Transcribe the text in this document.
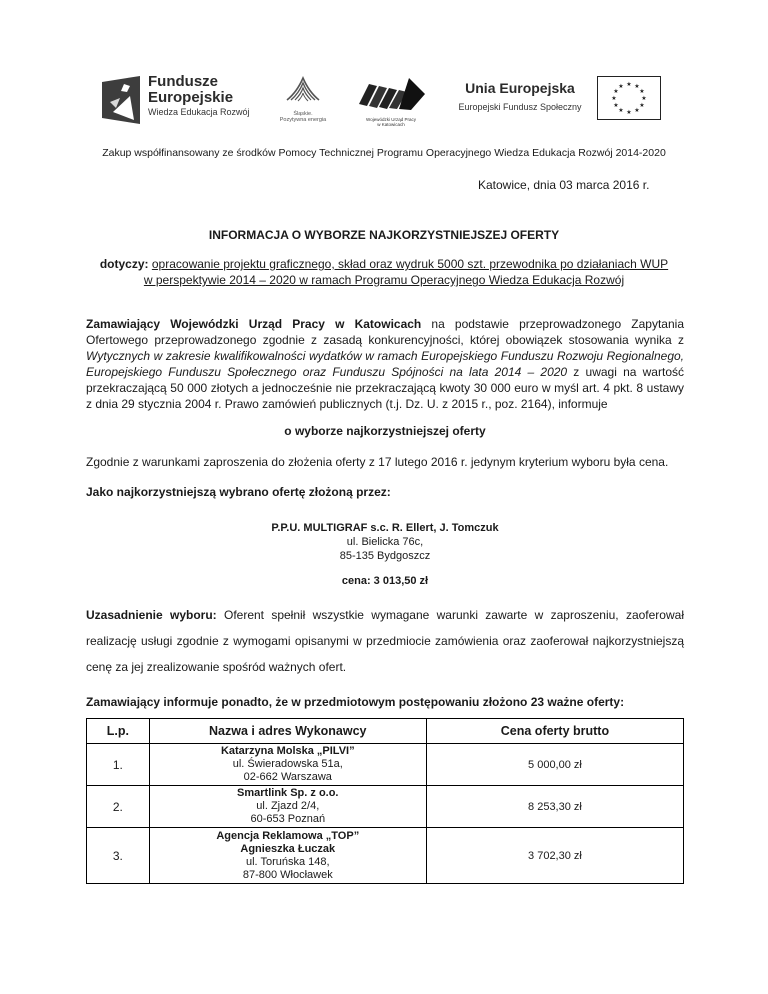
Fundusze
Europejskie
Wiedza Edukacja Rozwój	Śląskie.
Pozytywna energia	Wojewódzki Urząd Pracy
w Katowicach
Unia Europejska
Europejski Fundusz Społeczny
★ ★
★
★
★
★
★
★
★
★
★
★

Zakup współfinansowany ze środków Pomocy Technicznej Programu Operacyjnego Wiedza Edukacja Rozwój 2014-2020

Katowice, dnia 03 marca 2016 r.

INFORMACJA O WYBORZE NAJKORZYSTNIEJSZEJ OFERTY

dotyczy: opracowanie projektu graficznego, skład oraz wydruk 5000 szt. przewodnika po działaniach WUP
w perspektywie 2014 – 2020 w ramach Programu Operacyjnego Wiedza Edukacja Rozwój

Zamawiający Wojewódzki Urząd Pracy w Katowicach na podstawie przeprowadzonego Zapytania Ofertowego przeprowadzonego zgodnie z zasadą konkurencyjności, której obowiązek stosowania wynika z Wytycznych w zakresie kwalifikowalności wydatków w ramach Europejskiego Funduszu Rozwoju Regionalnego, Europejskiego Funduszu Społecznego oraz Funduszu Spójności na lata 2014 – 2020 z uwagi na wartość przekraczającą 50 000 złotych a jednocześnie nie przekraczającą kwoty 30 000 euro w myśl art. 4 pkt. 8 ustawy z dnia 29 stycznia 2004 r. Prawo zamówień publicznych (t.j. Dz. U. z 2015 r., poz. 2164), informuje

o wyborze najkorzystniejszej oferty

Zgodnie z warunkami zaproszenia do złożenia oferty z 17 lutego 2016 r. jedynym kryterium wyboru była cena.

Jako najkorzystniejszą wybrano ofertę złożoną przez:

P.P.U. MULTIGRAF s.c. R. Ellert, J. Tomczuk
ul. Bielicka 76c,
85-135 Bydgoszcz
cena: 3 013,50 zł

Uzasadnienie wyboru: Oferent spełnił wszystkie wymagane warunki zawarte w zaproszeniu, zaoferował realizację usługi zgodnie z wymogami opisanymi w przedmiocie zamówienia oraz zaoferował najkorzystniejszą cenę za jej zrealizowanie spośród ważnych ofert.

Zamawiający informuje ponadto, że w przedmiotowym postępowaniu złożono 23 ważne oferty:

L.p.	Nazwa i adres Wykonawcy	Cena oferty brutto
1.	Katarzyna Molska „PILVI”
ul. Świeradowska 51a,
02-662 Warszawa	5 000,00 zł
2.	Smartlink Sp. z o.o.
ul. Zjazd 2/4,
60-653 Poznań	8 253,30 zł
3.	Agencja Reklamowa „TOP”
Agnieszka Łuczak
ul. Toruńska 148,
87-800 Włocławek	3 702,30 zł
